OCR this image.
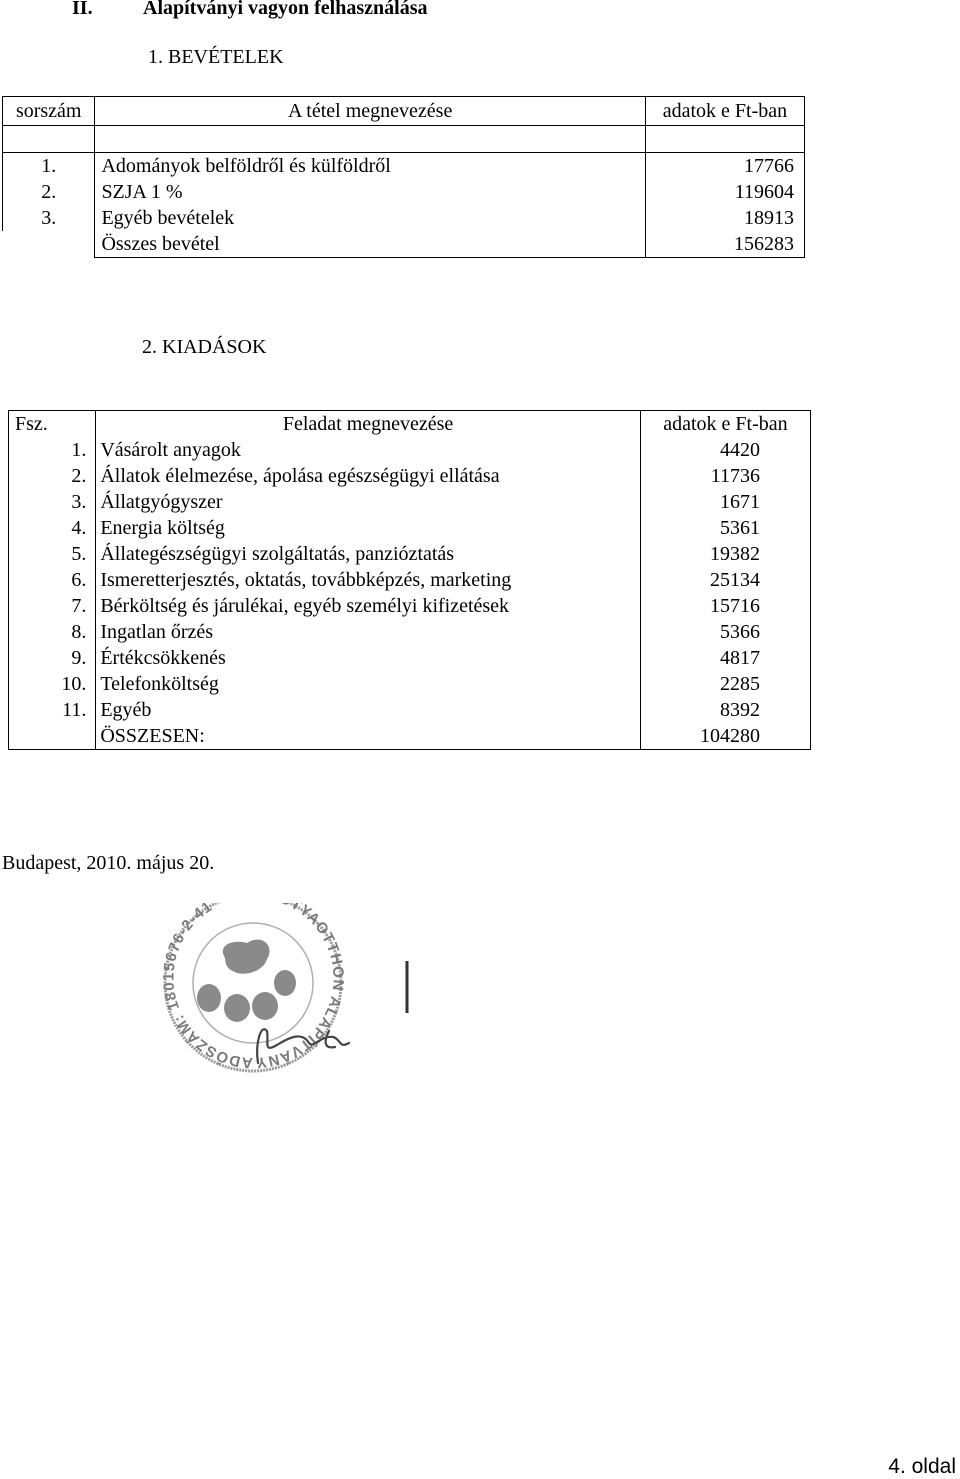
II.	Alapítványi vagyon felhasználása
1. BEVÉTELEK
sorszám	A tétel megnevezése	adatok e Ft-ban

1.	Adományok belföldről és külföldről	17766
2.	SZJA 1 %	119604
3.	Egyéb bevételek	18913
	Összes bevétel	156283
2. KIADÁSOK
Fsz.	Feladat megnevezése	adatok e Ft-ban
1.	Vásárolt anyagok	4420
2.	Állatok élelmezése, ápolása egészségügyi ellátása	11736
3.	Állatgyógyszer	1671
4.	Energia költség	5361
5.	Állategészségügyi szolgáltatás, panzióztatás	19382
6.	Ismeretterjesztés, oktatás, továbbképzés, marketing	25134
7.	Bérköltség és járulékai, egyéb személyi kifizetések	15716
8.	Ingatlan őrzés	5366
9.	Értékcsökkenés	4817
10.	Telefonköltség	2285
11.	Egyéb	8392
	ÖSSZESEN:	104280
Budapest, 2010. május 20.
ADÓSZÁM: 18015676-2-41 TYAOTTHON ALAPÍTVÁNY
4. oldal
